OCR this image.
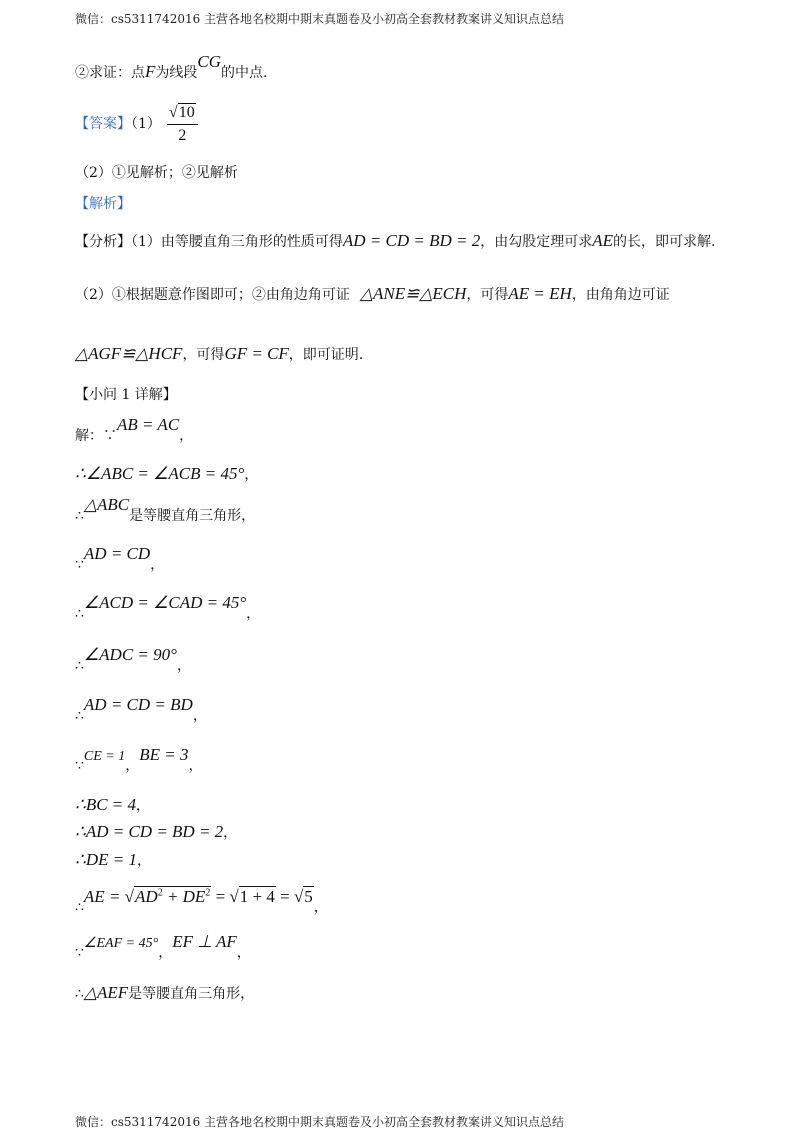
微信：cs5311742016 主营各地名校期中期末真题卷及小初高全套教材教案讲义知识点总结
②求证：点F为线段CG的中点.
【答案】$(1) \frac{√10}{2}$
（2）①见解析；②见解析
【解析】
【分析】（1）由等腰直角三角形的性质可得AD = CD = BD = 2，由勾股定理可求AE的长，即可求解.
（2）①根据题意作图即可；②由角边角可证 △ANE≌△ECH，可得AE = EH，由角角边可证
△AGF≌△HCF，可得GF = CF，即可证明.
【小问 1 详解】
解：∵AB = AC，
∴∠ABC = ∠ACB = 45°，
∴△ABC是等腰直角三角形，
∵AD = CD，
∴∠ACD = ∠CAD = 45°，
∴∠ADC = 90°，
∴AD = CD = BD，
∵CE = 1，BE = 3，
∴BC = 4，
∴AD = CD = BD = 2，
∴DE = 1，
∴AE = $√AD^2 + DE^2 = √1 + 4 = √5$，
∵∠EAF = 45°，EF ⊥ AF，
∴△AEF是等腰直角三角形，
微信：cs5311742016 主营各地名校期中期末真题卷及小初高全套教材教案讲义知识点总结
